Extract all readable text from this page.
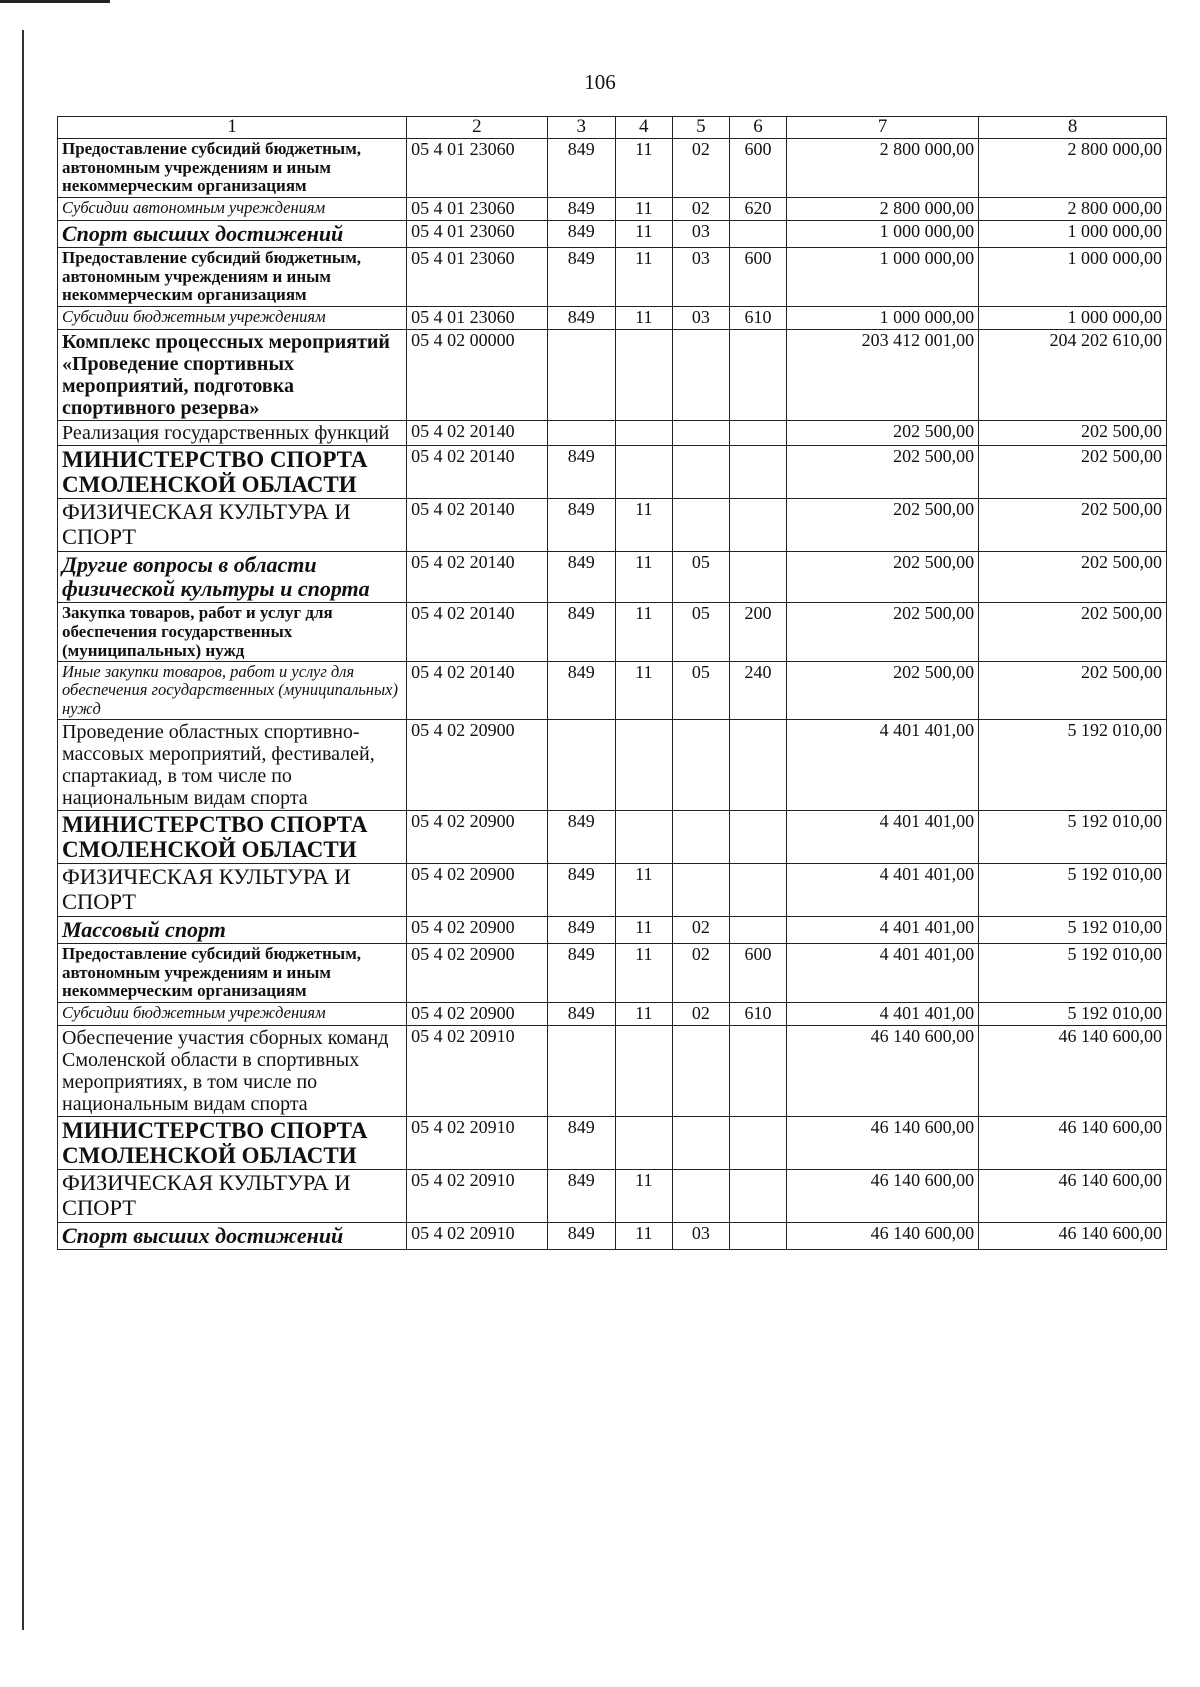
106
1	2	3	4	5	6	7	8
Предоставление субсидий бюджетным, автономным учреждениям и иным некоммерческим организациям	05 4 01 23060	849	11	02	600	2 800 000,00	2 800 000,00
Субсидии автономным учреждениям	05 4 01 23060	849	11	02	620	2 800 000,00	2 800 000,00
Спорт высших достижений	05 4 01 23060	849	11	03		1 000 000,00	1 000 000,00
Предоставление субсидий бюджетным, автономным учреждениям и иным некоммерческим организациям	05 4 01 23060	849	11	03	600	1 000 000,00	1 000 000,00
Субсидии бюджетным учреждениям	05 4 01 23060	849	11	03	610	1 000 000,00	1 000 000,00
Комплекс процессных мероприятий «Проведение спортивных мероприятий, подготовка спортивного резерва»	05 4 02 00000					203 412 001,00	204 202 610,00
Реализация государственных функций	05 4 02 20140					202 500,00	202 500,00
МИНИСТЕРСТВО СПОРТА СМОЛЕНСКОЙ ОБЛАСТИ	05 4 02 20140	849				202 500,00	202 500,00
ФИЗИЧЕСКАЯ КУЛЬТУРА И СПОРТ	05 4 02 20140	849	11			202 500,00	202 500,00
Другие вопросы в области физической культуры и спорта	05 4 02 20140	849	11	05		202 500,00	202 500,00
Закупка товаров, работ и услуг для обеспечения государственных (муниципальных) нужд	05 4 02 20140	849	11	05	200	202 500,00	202 500,00
Иные закупки товаров, работ и услуг для обеспечения государственных (муниципальных) нужд	05 4 02 20140	849	11	05	240	202 500,00	202 500,00
Проведение областных спортивно-массовых мероприятий, фестивалей, спартакиад, в том числе по национальным видам спорта	05 4 02 20900					4 401 401,00	5 192 010,00
МИНИСТЕРСТВО СПОРТА СМОЛЕНСКОЙ ОБЛАСТИ	05 4 02 20900	849				4 401 401,00	5 192 010,00
ФИЗИЧЕСКАЯ КУЛЬТУРА И СПОРТ	05 4 02 20900	849	11			4 401 401,00	5 192 010,00
Массовый спорт	05 4 02 20900	849	11	02		4 401 401,00	5 192 010,00
Предоставление субсидий бюджетным, автономным учреждениям и иным некоммерческим организациям	05 4 02 20900	849	11	02	600	4 401 401,00	5 192 010,00
Субсидии бюджетным учреждениям	05 4 02 20900	849	11	02	610	4 401 401,00	5 192 010,00
Обеспечение участия сборных команд Смоленской области в спортивных мероприятиях, в том числе по национальным видам спорта	05 4 02 20910					46 140 600,00	46 140 600,00
МИНИСТЕРСТВО СПОРТА СМОЛЕНСКОЙ ОБЛАСТИ	05 4 02 20910	849				46 140 600,00	46 140 600,00
ФИЗИЧЕСКАЯ КУЛЬТУРА И СПОРТ	05 4 02 20910	849	11			46 140 600,00	46 140 600,00
Спорт высших достижений	05 4 02 20910	849	11	03		46 140 600,00	46 140 600,00
